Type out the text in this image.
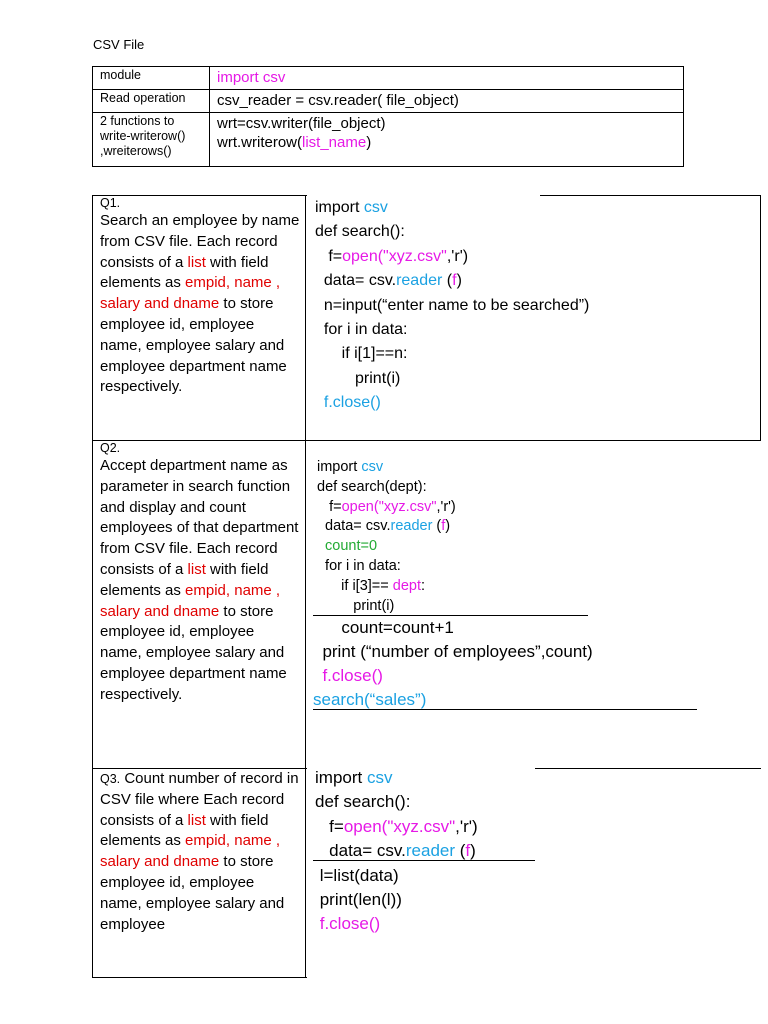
CSV File
module	import csv
Read operation	csv_reader = csv.reader( file_object)
2 functions to write-writerow() ,wreiterows()	wrt=csv.writer(file_object)
wrt.writerow(list_name)
Q1.
Search an employee by name from CSV file. Each record consists of a list with field elements as empid, name , salary and dname to store employee id, employee name, employee salary and employee department name respectively.
import csv
def search():
f=open("xyz.csv",'r')
data= csv.reader (f)
n=input(“enter name to be searched”)
for i in data:
if i[1]==n:
print(i)
f.close()
Q2.
Accept department name as parameter in search function and display and count employees of that department from CSV file. Each record consists of a list with field elements as empid, name , salary and dname to store employee id, employee name, employee salary and employee department name respectively.
import csv
def search(dept):
f=open("xyz.csv",'r')
data= csv.reader (f)
count=0
for i in data:
if i[3]== dept:
print(i)
count=count+1
print (“number of employees”,count)
f.close()
search(“sales”)
Q3. Count number of record in CSV file where Each record consists of a list with field elements as empid, name , salary and dname to store employee id, employee name, employee salary and employee
import csv
def search():
f=open("xyz.csv",'r')
data= csv.reader (f)
l=list(data)
print(len(l))
f.close()
